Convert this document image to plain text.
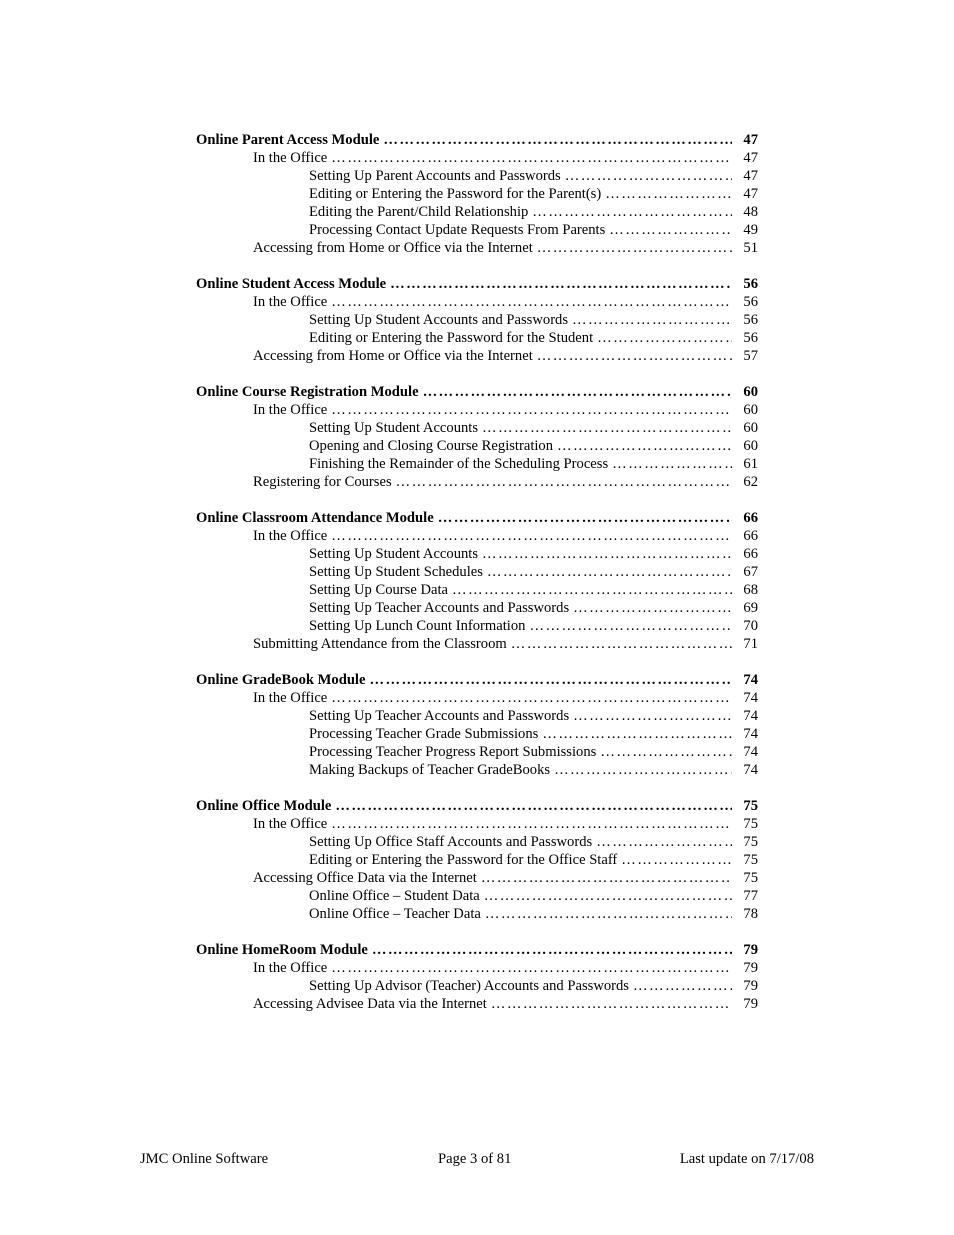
Online Parent Access Module ……………………………………………………………………………………………………………………………………………………………………	47
In the Office ……………………………………………………………………………………………………………………………………………………………………	47
Setting Up Parent Accounts and Passwords ……………………………………………………………………………………………………………………………………………………………………	47
Editing or Entering the Password for the Parent(s) ……………………………………………………………………………………………………………………………………………………………………	47
Editing the Parent/Child Relationship ……………………………………………………………………………………………………………………………………………………………………	48
Processing Contact Update Requests From Parents ……………………………………………………………………………………………………………………………………………………………………	49
Accessing from Home or Office via the Internet ……………………………………………………………………………………………………………………………………………………………………	51
Online Student Access Module ……………………………………………………………………………………………………………………………………………………………………	56
In the Office ……………………………………………………………………………………………………………………………………………………………………	56
Setting Up Student Accounts and Passwords ……………………………………………………………………………………………………………………………………………………………………	56
Editing or Entering the Password for the Student ……………………………………………………………………………………………………………………………………………………………………	56
Accessing from Home or Office via the Internet ……………………………………………………………………………………………………………………………………………………………………	57
Online Course Registration Module ……………………………………………………………………………………………………………………………………………………………………	60
In the Office ……………………………………………………………………………………………………………………………………………………………………	60
Setting Up Student Accounts ……………………………………………………………………………………………………………………………………………………………………	60
Opening and Closing Course Registration ……………………………………………………………………………………………………………………………………………………………………	60
Finishing the Remainder of the Scheduling Process ……………………………………………………………………………………………………………………………………………………………………	61
Registering for Courses ……………………………………………………………………………………………………………………………………………………………………	62
Online Classroom Attendance Module ……………………………………………………………………………………………………………………………………………………………………	66
In the Office ……………………………………………………………………………………………………………………………………………………………………	66
Setting Up Student Accounts ……………………………………………………………………………………………………………………………………………………………………	66
Setting Up Student Schedules ……………………………………………………………………………………………………………………………………………………………………	67
Setting Up Course Data ……………………………………………………………………………………………………………………………………………………………………	68
Setting Up Teacher Accounts and Passwords ……………………………………………………………………………………………………………………………………………………………………	69
Setting Up Lunch Count Information ……………………………………………………………………………………………………………………………………………………………………	70
Submitting Attendance from the Classroom ……………………………………………………………………………………………………………………………………………………………………	71
Online GradeBook Module ……………………………………………………………………………………………………………………………………………………………………	74
In the Office ……………………………………………………………………………………………………………………………………………………………………	74
Setting Up Teacher Accounts and Passwords ……………………………………………………………………………………………………………………………………………………………………	74
Processing Teacher Grade Submissions ……………………………………………………………………………………………………………………………………………………………………	74
Processing Teacher Progress Report Submissions ……………………………………………………………………………………………………………………………………………………………………	74
Making Backups of Teacher GradeBooks ……………………………………………………………………………………………………………………………………………………………………	74
Online Office Module ……………………………………………………………………………………………………………………………………………………………………	75
In the Office ……………………………………………………………………………………………………………………………………………………………………	75
Setting Up Office Staff Accounts and Passwords ……………………………………………………………………………………………………………………………………………………………………	75
Editing or Entering the Password for the Office Staff ……………………………………………………………………………………………………………………………………………………………………	75
Accessing Office Data via the Internet ……………………………………………………………………………………………………………………………………………………………………	75
Online Office – Student Data ……………………………………………………………………………………………………………………………………………………………………	77
Online Office – Teacher Data ……………………………………………………………………………………………………………………………………………………………………	78
Online HomeRoom Module ……………………………………………………………………………………………………………………………………………………………………	79
In the Office ……………………………………………………………………………………………………………………………………………………………………	79
Setting Up Advisor (Teacher) Accounts and Passwords ……………………………………………………………………………………………………………………………………………………………………	79
Accessing Advisee Data via the Internet ……………………………………………………………………………………………………………………………………………………………………	79
JMC Online Software	Page 3 of 81	Last update on 7/17/08
